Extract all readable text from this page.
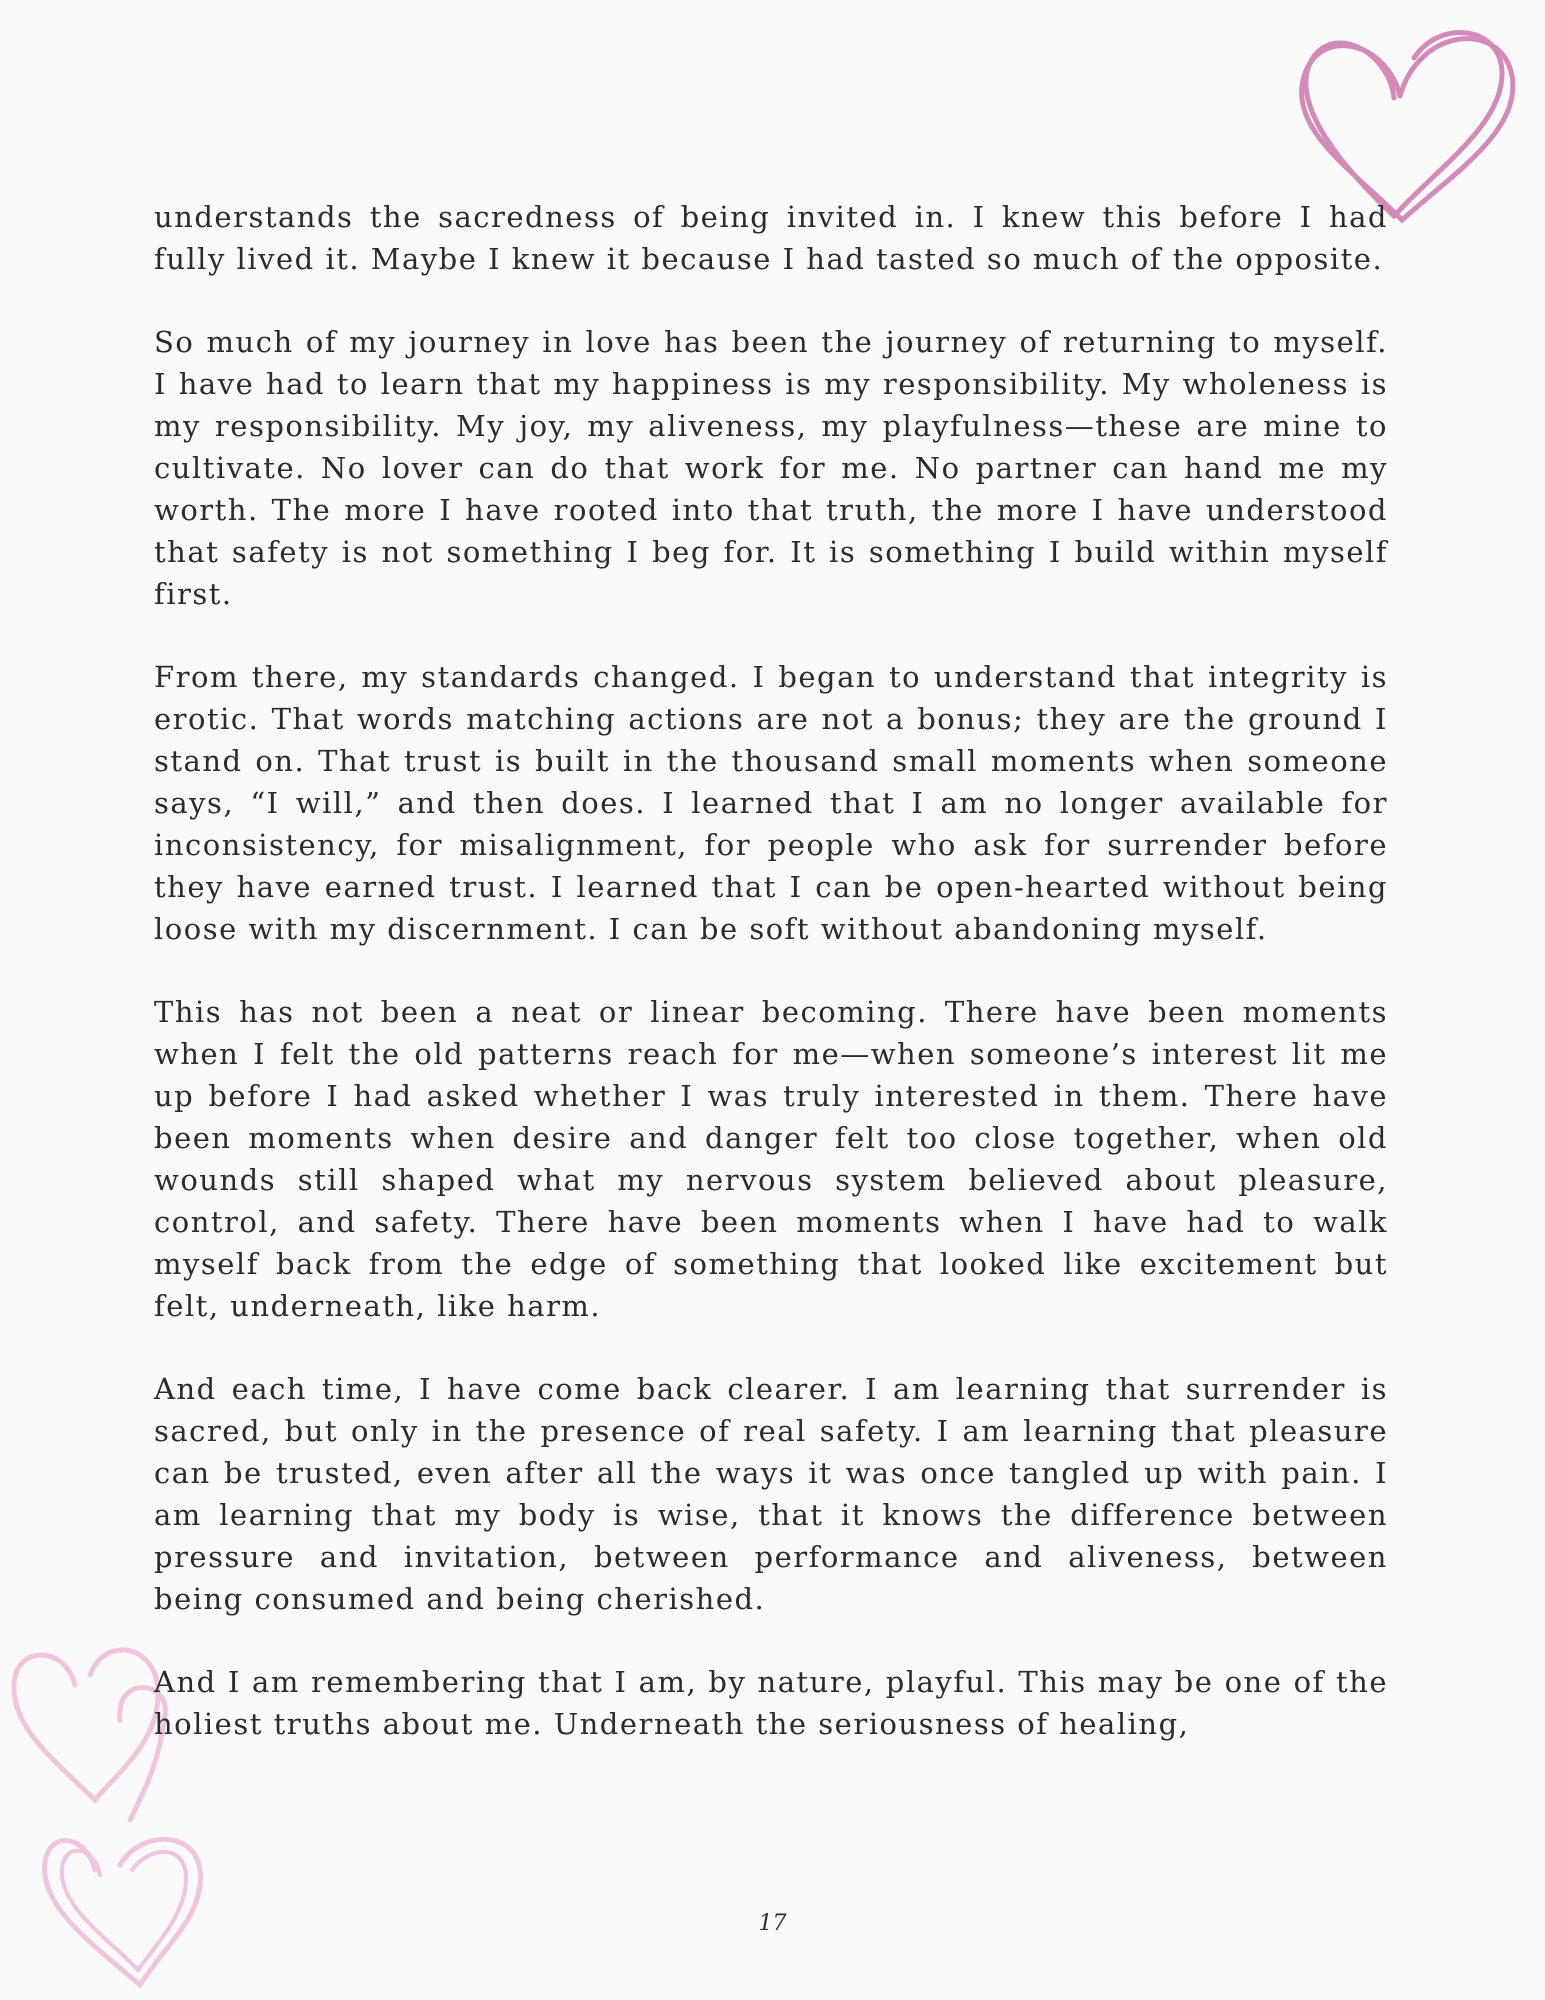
understands the sacredness of being invited in. I knew this before I had fully lived it. Maybe I knew it because I had tasted so much of the opposite.

So much of my journey in love has been the journey of returning to myself. I have had to learn that my happiness is my responsibility. My wholeness is my responsibility. My joy, my aliveness, my playfulness—these are mine to cultivate. No lover can do that work for me. No partner can hand me my worth. The more I have rooted into that truth, the more I have understood that safety is not something I beg for. It is something I build within myself first.

From there, my standards changed. I began to understand that integrity is erotic. That words matching actions are not a bonus; they are the ground I stand on. That trust is built in the thousand small moments when someone says, “I will,” and then does. I learned that I am no longer available for inconsistency, for misalignment, for people who ask for surrender before they have earned trust. I learned that I can be open-hearted without being loose with my discernment. I can be soft without abandoning myself.

This has not been a neat or linear becoming. There have been moments when I felt the old patterns reach for me—when someone’s interest lit me up before I had asked whether I was truly interested in them. There have been moments when desire and danger felt too close together, when old wounds still shaped what my nervous system believed about pleasure, control, and safety. There have been moments when I have had to walk myself back from the edge of something that looked like excitement but felt, underneath, like harm.

And each time, I have come back clearer. I am learning that surrender is sacred, but only in the presence of real safety. I am learning that pleasure can be trusted, even after all the ways it was once tangled up with pain. I am learning that my body is wise, that it knows the difference between pressure and invitation, between performance and aliveness, between being consumed and being cherished.

And I am remembering that I am, by nature, playful. This may be one of the holiest truths about me. Underneath the seriousness of healing,

17
